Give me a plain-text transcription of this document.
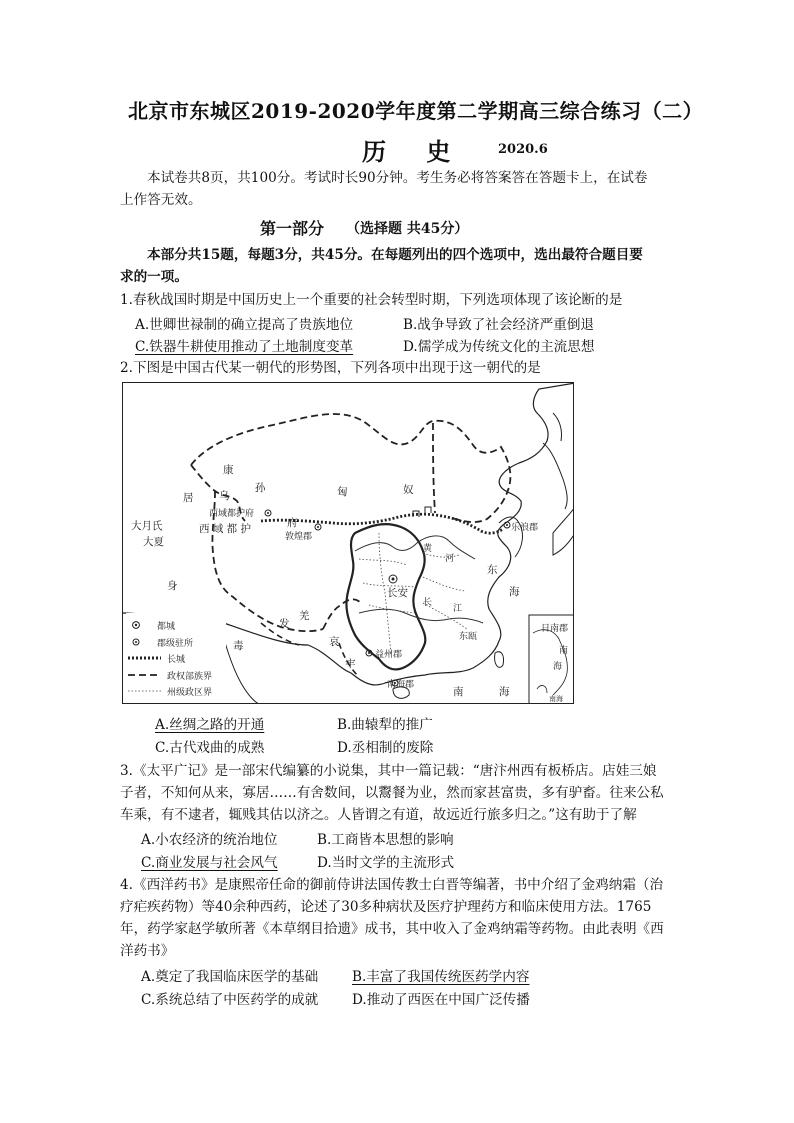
北京市东城区2019-2020学年度第二学期高三综合练习（二）
历 史 2020.6
本试卷共8页，共100分。考试时长90分钟。考生务必将答案答在答题卡上，在试卷
上作答无效。
第一部分 （选择题 共45分）
本部分共15题，每题3分，共45分。在每题列出的四个选项中，选出最符合题目要
求的一项。
1.春秋战国时期是中国历史上一个重要的社会转型时期，下列选项体现了该论断的是
A.世卿世禄制的确立提高了贵族地位	B.战争导致了社会经济严重倒退
C.铁器牛耕使用推动了土地制度变革	D.儒学成为传统文化的主流思想
2.下图是中国古代某一朝代的形势图，下列各项中出现于这一朝代的是
都城
郡级驻所
长城
政权部族界
州级政区界
康
居 乌
孙	匈	奴
西域都护府
西 域 都 护	府
大月氏
大夏	敦煌郡
乐浪郡
长安
身
毒
发
羌
哀
牢
益州郡
东
海
南	海
日南郡
南
海
南海
南海郡
黄
河
长
江
东瓯
A.丝绸之路的开通	B.曲辕犁的推广
C.古代戏曲的成熟	D.丞相制的废除
3.《太平广记》是一部宋代编纂的小说集，其中一篇记载：“唐汴州西有板桥店。店娃三娘
子者，不知何从来，寡居……有舍数间，以鬻餐为业，然而家甚富贵，多有驴畜。往来公私
车乘，有不逮者，辄贱其估以济之。人皆谓之有道，故远近行旅多归之。”这有助于了解
A.小农经济的统治地位	B.工商皆本思想的影响
C.商业发展与社会风气	D.当时文学的主流形式
4.《西洋药书》是康熙帝任命的御前侍讲法国传教士白晋等编著，书中介绍了金鸡纳霜（治
疗疟疾药物）等40余种西药，论述了30多种病状及医疗护理药方和临床使用方法。1765
年，药学家赵学敏所著《本草纲目拾遗》成书，其中收入了金鸡纳霜等药物。由此表明《西
洋药书》
A.奠定了我国临床医学的基础 B.丰富了我国传统医药学内容
C.系统总结了中医药学的成就 D.推动了西医在中国广泛传播
